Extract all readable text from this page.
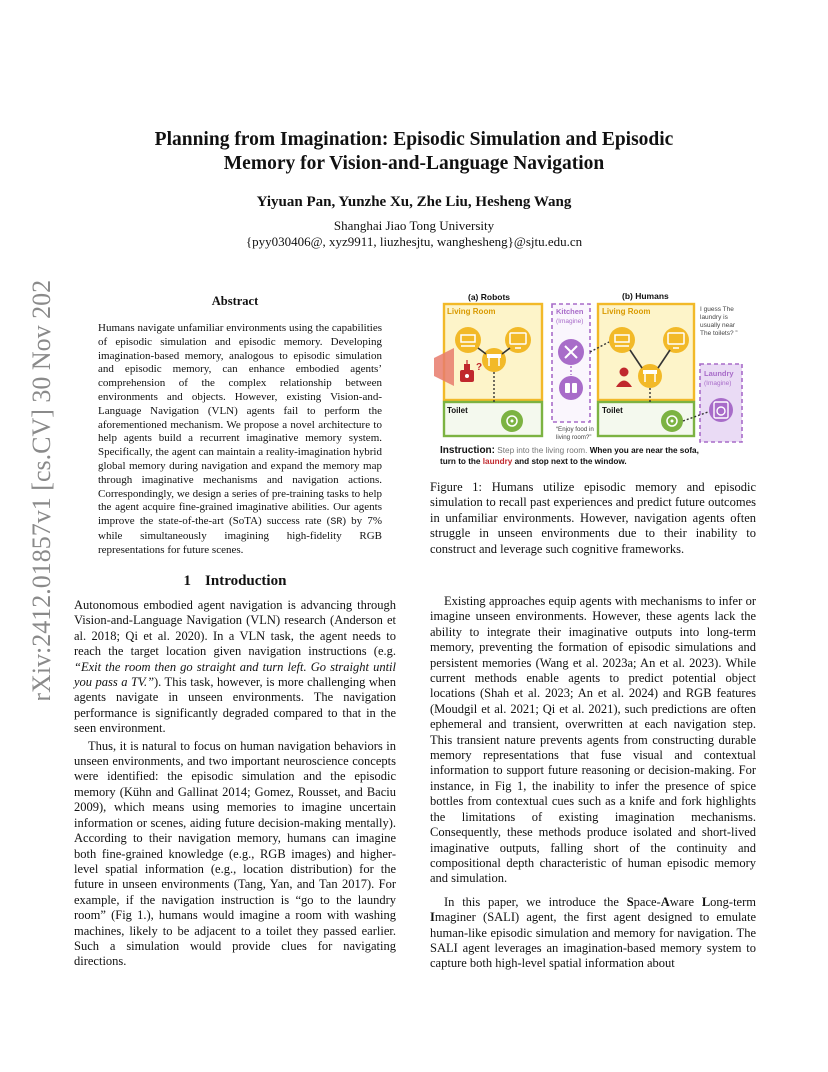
arXiv:2412.01857v1 [cs.CV] 30 Nov 2024
Planning from Imagination: Episodic Simulation and Episodic
Memory for Vision-and-Language Navigation
Yiyuan Pan, Yunzhe Xu, Zhe Liu, Hesheng Wang
Shanghai Jiao Tong University
{pyy030406@, xyz9911, liuzhesjtu, wanghesheng}@sjtu.edu.cn
Abstract
Humans navigate unfamiliar environments using the capabilities of episodic simulation and episodic memory. Developing imagination-based memory, analogous to episodic simulation and episodic memory, can enhance embodied agents’ comprehension of the complex relationship between environments and objects. However, existing Vision-and-Language Navigation (VLN) agents fail to perform the aforementioned mechanism. We propose a novel architecture to help agents build a recurrent imaginative memory system. Specifically, the agent can maintain a reality-imagination hybrid global memory during navigation and expand the memory map through imaginative mechanisms and navigation actions. Correspondingly, we design a series of pre-training tasks to help the agent acquire fine-grained imaginative abilities. Our agents improve the state-of-the-art (SoTA) success rate (SR) by 7% while simultaneously imagining high-fidelity RGB representations for future scenes.
(a) Robots	(b) Humans
Living Room
?
Toilet
Kitchen
(Imagine)
“Enjoy food in
living room?”
Living Room
Toilet
I guess The
laundry is
usually near
The toilets? ”
Laundry
(Imagine)
Instruction: Step into the living room. When you are near the sofa,
turn to the laundry and stop next to the window.
Figure 1: Humans utilize episodic memory and episodic simulation to recall past experiences and predict future outcomes in unfamiliar environments. However, navigation agents often struggle in unseen environments due to their inability to construct and leverage such cognitive frameworks.
1 Introduction

Autonomous embodied agent navigation is advancing through Vision-and-Language Navigation (VLN) research (Anderson et al. 2018; Qi et al. 2020). In a VLN task, the agent needs to reach the target location given navigation instructions (e.g. “Exit the room then go straight and turn left. Go straight until you pass a TV.”). This task, however, is more challenging when agents navigate in unseen environments. The navigation performance is significantly degraded compared to that in the seen environment.

Thus, it is natural to focus on human navigation behaviors in unseen environments, and two important neuroscience concepts were identified: the episodic simulation and the episodic memory (Kühn and Gallinat 2014; Gomez, Rousset, and Baciu 2009), which means using memories to imagine uncertain information or scenes, aiding future decision-making mentally). According to their navigation memory, humans can imagine both fine-grained knowledge (e.g., RGB images) and higher-level spatial information (e.g., location distribution) for the future in unseen environments (Tang, Yan, and Tan 2017). For example, if the navigation instruction is “go to the laundry room” (Fig 1.), humans would imagine a room with washing machines, likely to be adjacent to a toilet they passed earlier. Such a simulation would provide clues for navigating directions.

Existing approaches equip agents with mechanisms to infer or imagine unseen environments. However, these agents lack the ability to integrate their imaginative outputs into long-term memory, preventing the formation of episodic simulations and persistent memories (Wang et al. 2023a; An et al. 2023). While current methods enable agents to predict potential object locations (Shah et al. 2023; An et al. 2024) and RGB features (Moudgil et al. 2021; Qi et al. 2021), such predictions are often ephemeral and transient, overwritten at each navigation step. This transient nature prevents agents from constructing durable memory representations that fuse visual and contextual information to support future reasoning or decision-making. For instance, in Fig 1, the inability to infer the presence of spice bottles from contextual cues such as a knife and fork highlights the limitations of existing imagination mechanisms. Consequently, these methods produce isolated and short-lived imaginative outputs, falling short of the continuity and compositional depth characteristic of human episodic memory and simulation.

In this paper, we introduce the Space-Aware Long-term Imaginer (SALI) agent, the first agent designed to emulate human-like episodic simulation and memory for navigation. The SALI agent leverages an imagination-based memory system to capture both high-level spatial information about
